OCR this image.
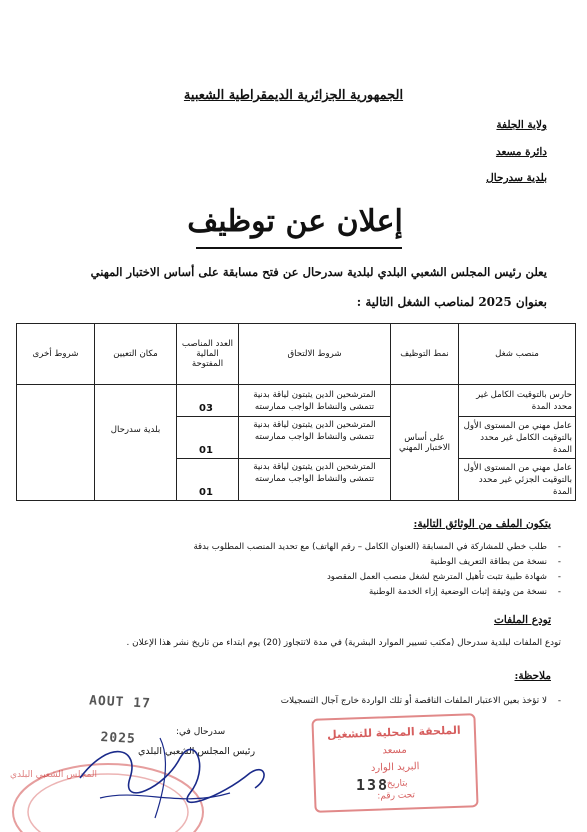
الجمهورية الجزائرية الديمقراطية الشعبية
ولاية الجلفة
دائرة مسعد
بلدية سدرحال
إعلان عن توظيف
يعلن رئيس المجلس الشعبي البلدي لبلدية سدرحال عن فتح مسابقة على أساس الاختبار المهني
بعنوان 2025 لمناصب الشغل التالية :
منصب شغل	نمط التوظيف	شروط الالتحاق	العدد المناصب المالية المفتوحة	مكان التعيين	شروط أخرى
حارس بالتوقيت الكامل غير محدد المدة	على أساس الاختبار المهني	المترشحين الدين يثبتون لياقة بدنية تتمشى والنشاط الواجب ممارسته	03	بلدية سدرحال	
عامل مهني من المستوى الأول بالتوقيت الكامل غير محدد المدة		المترشحين الدين يثبتون لياقة بدنية تتمشى والنشاط الواجب ممارسته	01		
عامل مهني من المستوى الأول بالتوقيت الجزئي غير محدد المدة		المترشحين الدين يثبتون لياقة بدنية تتمشى والنشاط الواجب ممارسته	01		
يتكون الملف من الوثائق التالية:
- طلب خطي للمشاركة في المسابقة (العنوان الكامل – رقم الهاتف) مع تحديد المنصب المطلوب بدقة
- نسخة من بطاقة التعريف الوطنية
- شهادة طبية تثبت تأهيل المترشح لشغل منصب العمل المقصود
- نسخة من وثيقة إثبات الوضعية إزاء الخدمة الوطنية
تودع الملفات
تودع الملفات لبلدية سدرحال (مكتب تسيير الموارد البشرية) في مدة لاتتجاوز (20) يوم ابتداء من تاريخ نشر هذا الإعلان .
ملاحظة:
- لا تؤخذ بعين الاعتبار الملفات الناقصة أو تلك الواردة خارج آجال التسجيلات
17 AOUT 2025	سدرحال في:
رئيس المجلس الشعبي البلدي
المجلس الشعبي البلدي
الملحقة المحلية للتشغيل
مسعد
البريد الوارد
بتاريخ:
تحت رقم:
138
